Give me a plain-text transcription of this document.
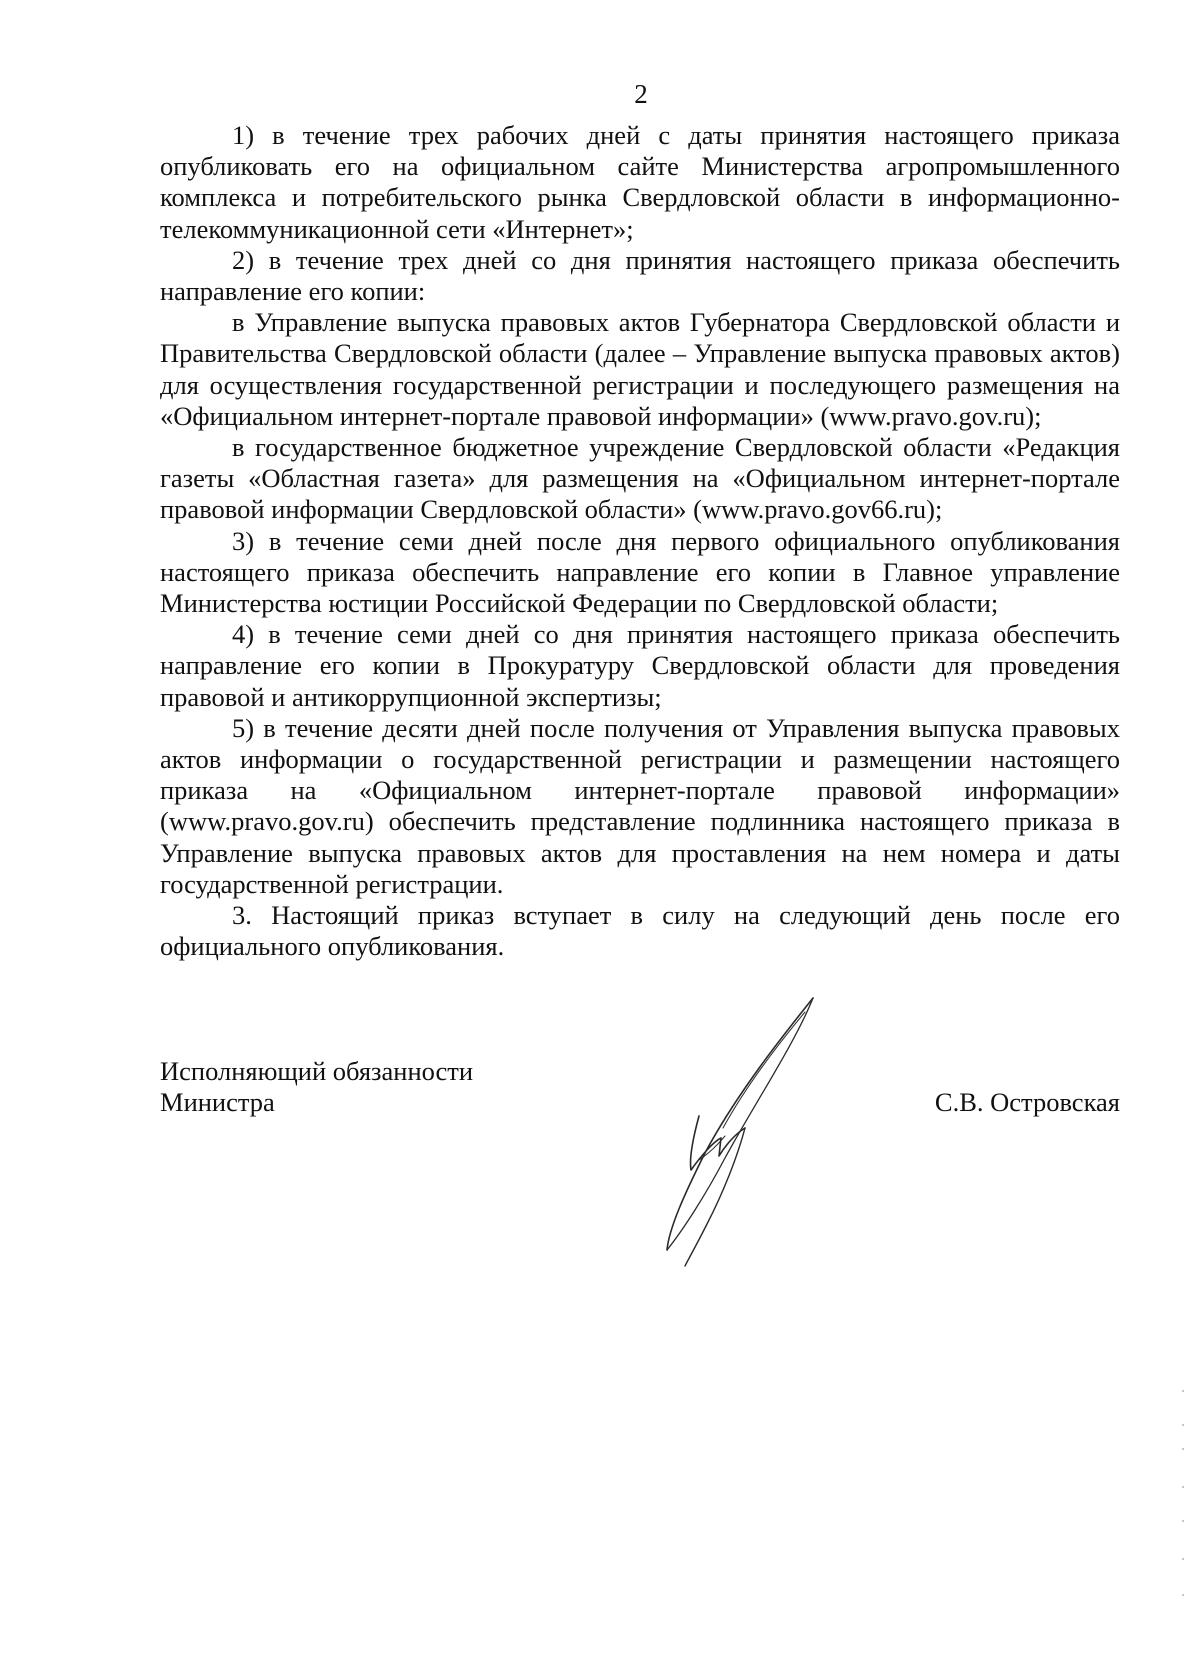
2

1) в течение трех рабочих дней с даты принятия настоящего приказа опубликовать его на официальном сайте Министерства агропромышленного комплекса и потребительского рынка Свердловской области в информационно-телекоммуникационной сети «Интернет»;

2) в течение трех дней со дня принятия настоящего приказа обеспечить направление его копии:

в Управление выпуска правовых актов Губернатора Свердловской области и Правительства Свердловской области (далее – Управление выпуска правовых актов) для осуществления государственной регистрации и последующего размещения на «Официальном интернет-портале правовой информации» (www.pravo.gov.ru);

в государственное бюджетное учреждение Свердловской области «Редакция газеты «Областная газета» для размещения на «Официальном интернет-портале правовой информации Свердловской области» (www.pravo.gov66.ru);

3) в течение семи дней после дня первого официального опубликования настоящего приказа обеспечить направление его копии в Главное управление Министерства юстиции Российской Федерации по Свердловской области;

4) в течение семи дней со дня принятия настоящего приказа обеспечить направление его копии в Прокуратуру Свердловской области для проведения правовой и антикоррупционной экспертизы;

5) в течение десяти дней после получения от Управления выпуска правовых актов информации о государственной регистрации и размещении настоящего приказа на «Официальном интернет-портале правовой информации» (www.pravo.gov.ru) обеспечить представление подлинника настоящего приказа в Управление выпуска правовых актов для проставления на нем номера и даты государственной регистрации.

3. Настоящий приказ вступает в силу на следующий день после его официального опубликования.

Исполняющий обязанности
Министра	С.В. Островская
